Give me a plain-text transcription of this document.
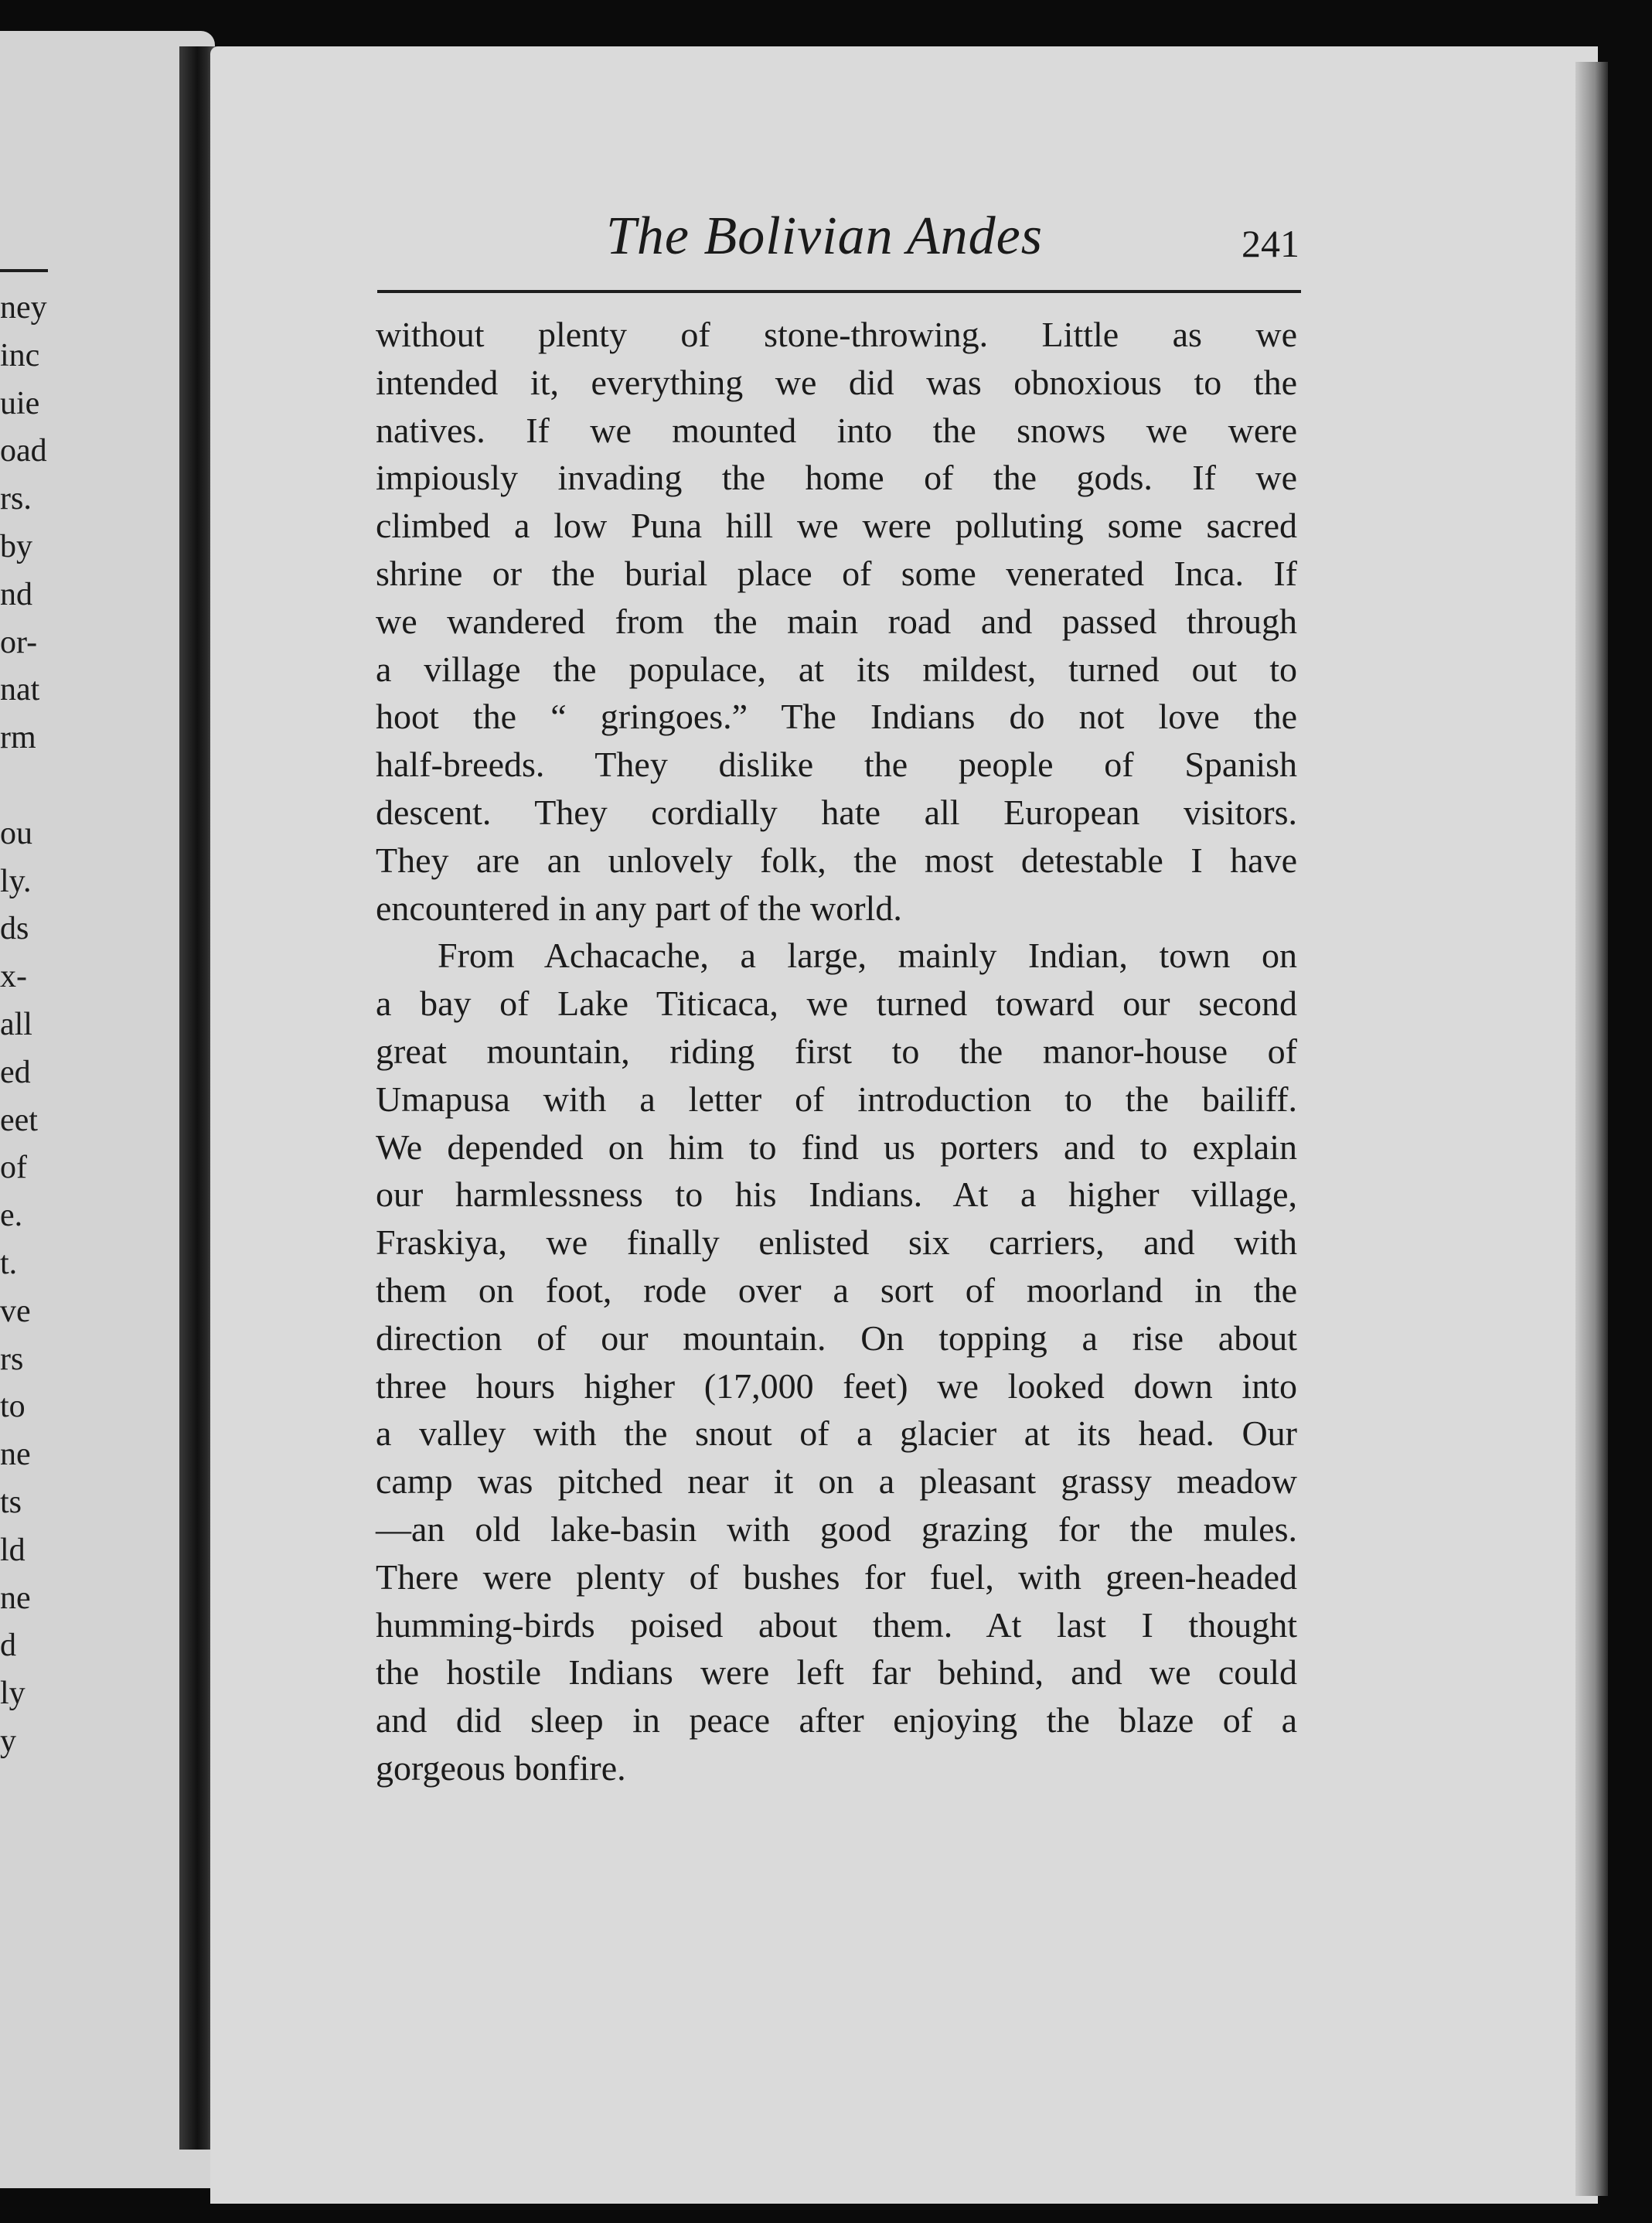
ney
inc
uie
oad
rs.
by
nd
or-
nat
rm
ou
ly.
ds
x-
all
ed
eet
of
e.
t.
ve
rs
to
ne
ts
ld
ne
d
ly
y
The Bolivian Andes	241
without plenty of stone-throwing. Little as we
intended it, everything we did was obnoxious to the
natives. If we mounted into the snows we were
impiously invading the home of the gods. If we
climbed a low Puna hill we were polluting some sacred
shrine or the burial place of some venerated Inca. If
we wandered from the main road and passed through
a village the populace, at its mildest, turned out to
hoot the “ gringoes.” The Indians do not love the
half-breeds. They dislike the people of Spanish
descent. They cordially hate all European visitors.
They are an unlovely folk, the most detestable I have
encountered in any part of the world.
From Achacache, a large, mainly Indian, town on
a bay of Lake Titicaca, we turned toward our second
great mountain, riding first to the manor-house of
Umapusa with a letter of introduction to the bailiff.
We depended on him to find us porters and to explain
our harmlessness to his Indians. At a higher village,
Fraskiya, we finally enlisted six carriers, and with
them on foot, rode over a sort of moorland in the
direction of our mountain. On topping a rise about
three hours higher (17,000 feet) we looked down into
a valley with the snout of a glacier at its head. Our
camp was pitched near it on a pleasant grassy meadow
—an old lake-basin with good grazing for the mules.
There were plenty of bushes for fuel, with green-headed
humming-birds poised about them. At last I thought
the hostile Indians were left far behind, and we could
and did sleep in peace after enjoying the blaze of a
gorgeous bonfire.
